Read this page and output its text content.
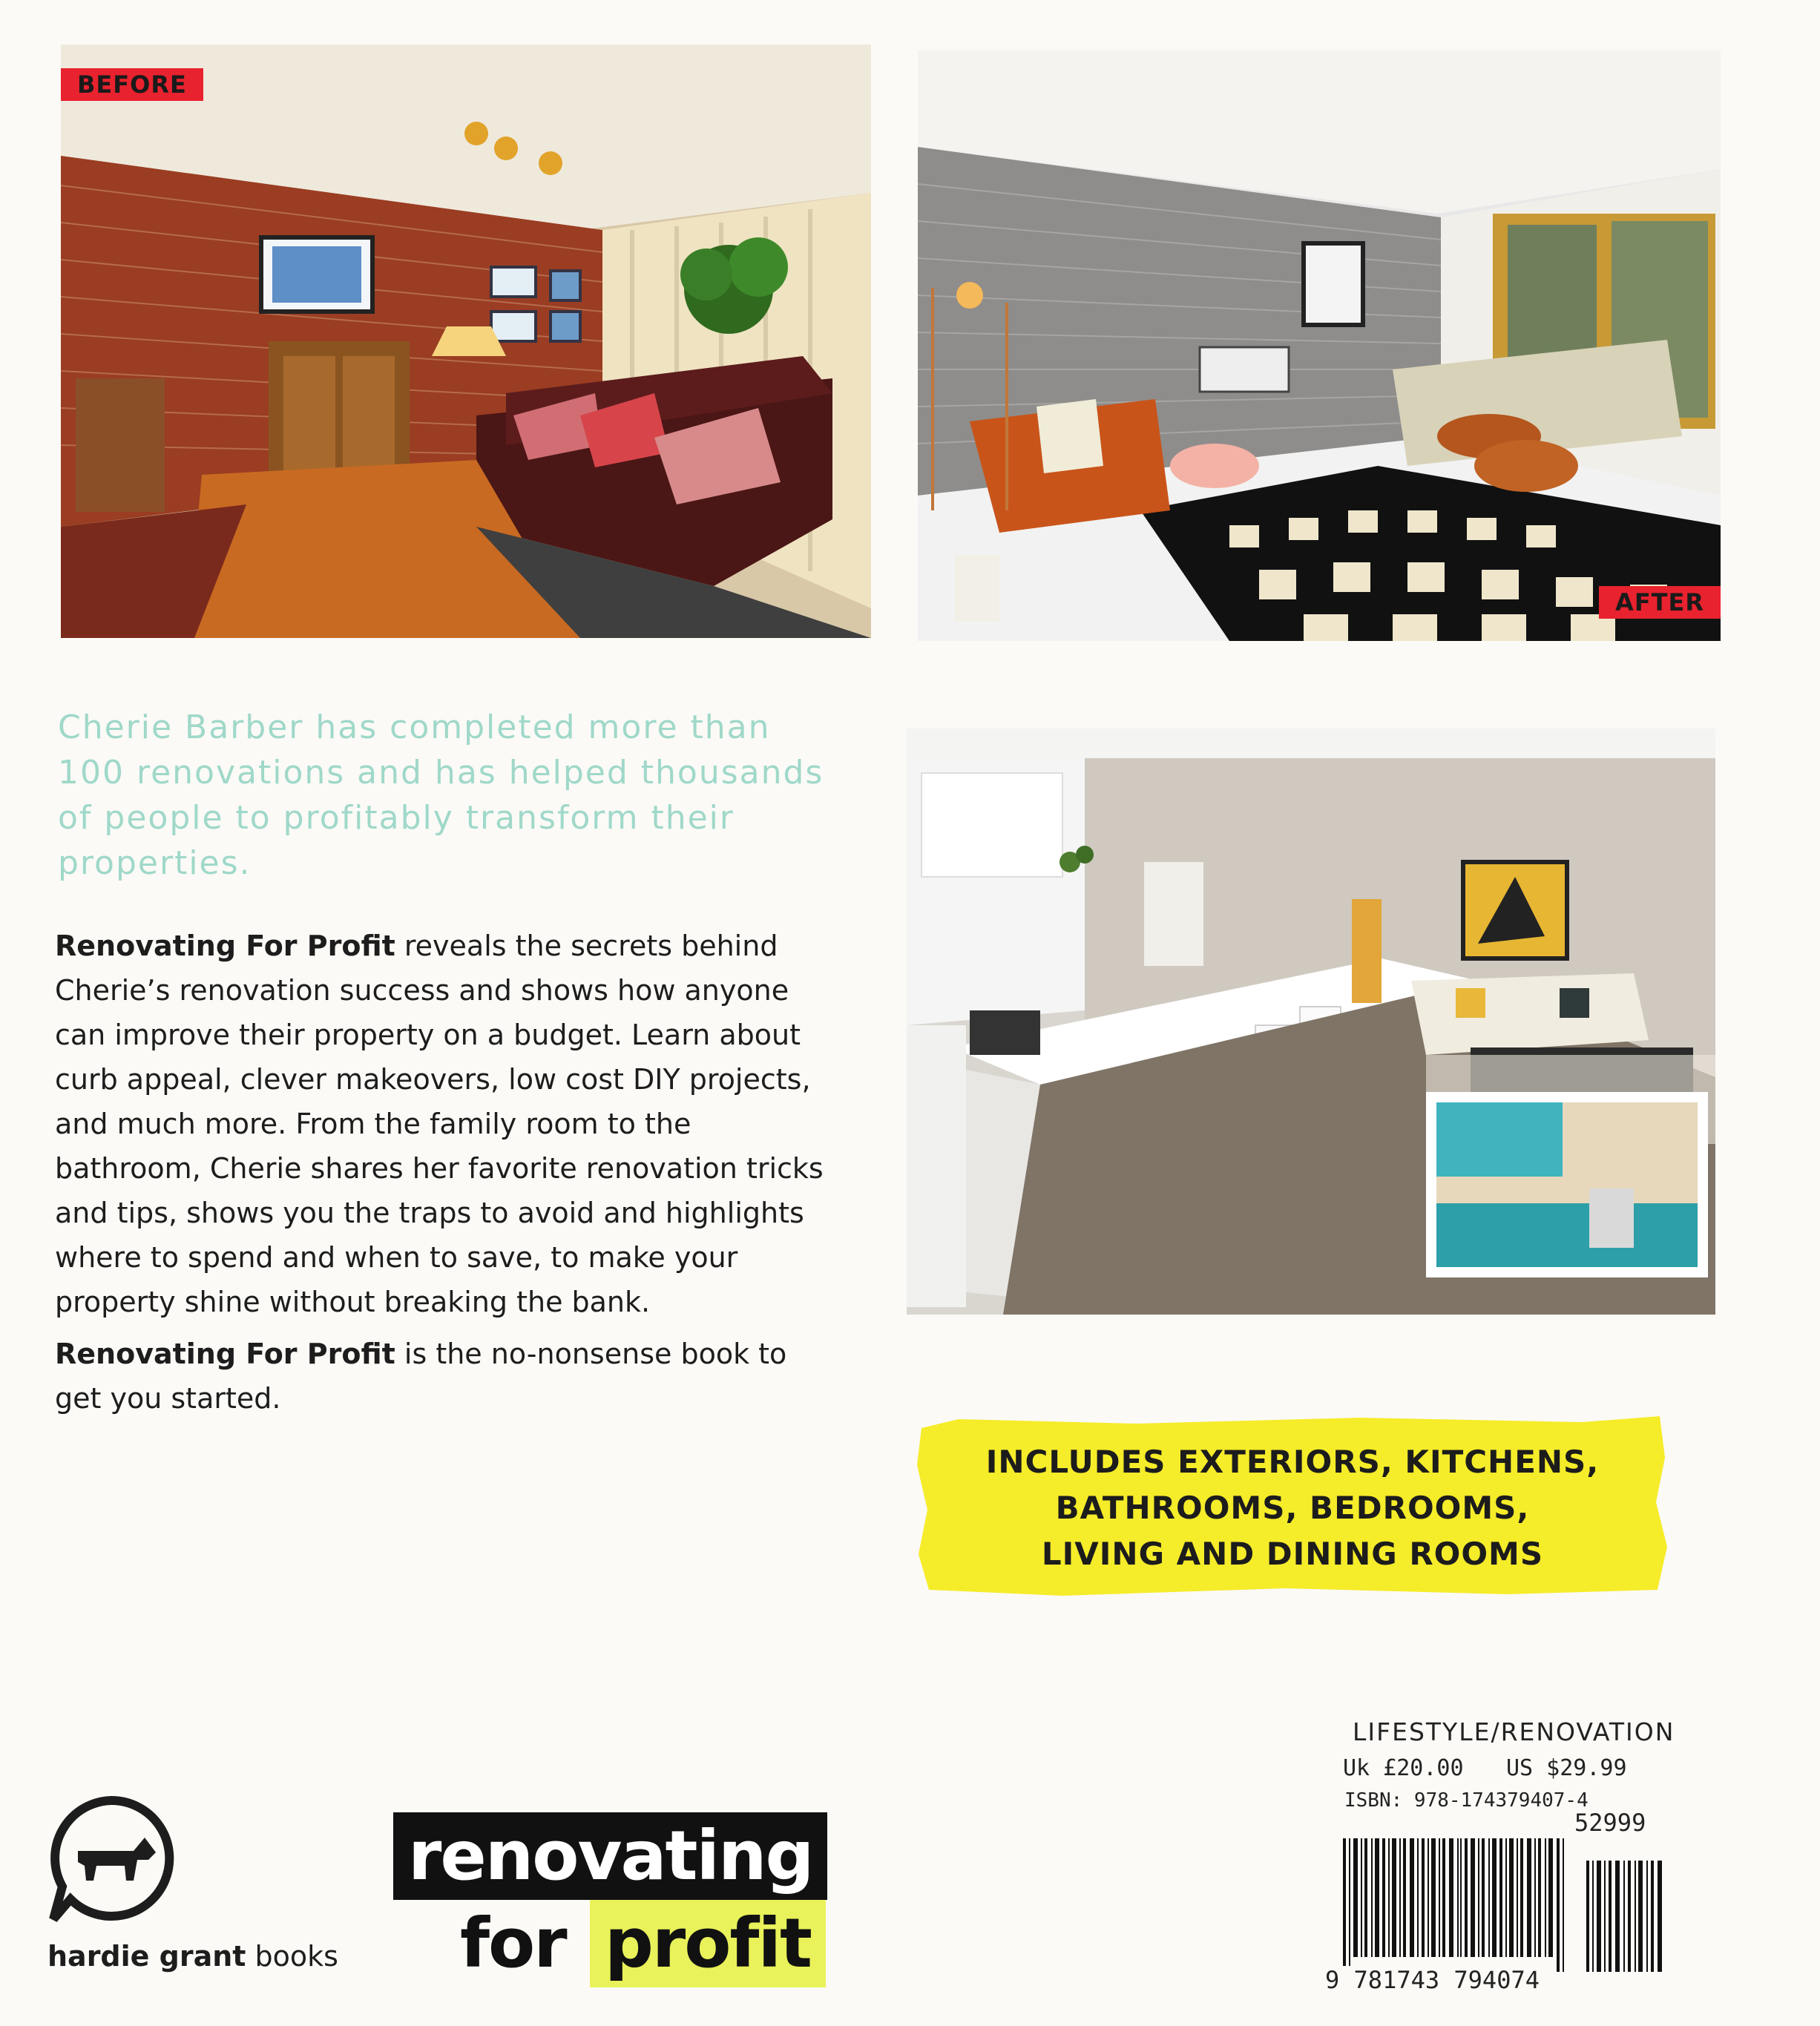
BEFORE
AFTER
Cherie Barber has completed more than 100 renovations and has helped thousands of people to profitably transform their properties.

Renovating For Profit reveals the secrets behind Cherie’s renovation success and shows how anyone can improve their property on a budget. Learn about curb appeal, clever makeovers, low cost DIY projects, and much more. From the family room to the bathroom, Cherie shares her favorite renovation tricks and tips, shows you the traps to avoid and highlights where to spend and when to save, to make your property shine without breaking the bank.

Renovating For Profit is the no-nonsense book to get you started.

INCLUDES EXTERIORS, KITCHENS,
BATHROOMS, BEDROOMS,
LIVING AND DINING ROOMS
hardie grant books
renovating
for profit
LIFESTYLE/RENOVATION
Uk £20.00 US $29.99
ISBN: 978-174379407-4
52999
9 781743 794074
